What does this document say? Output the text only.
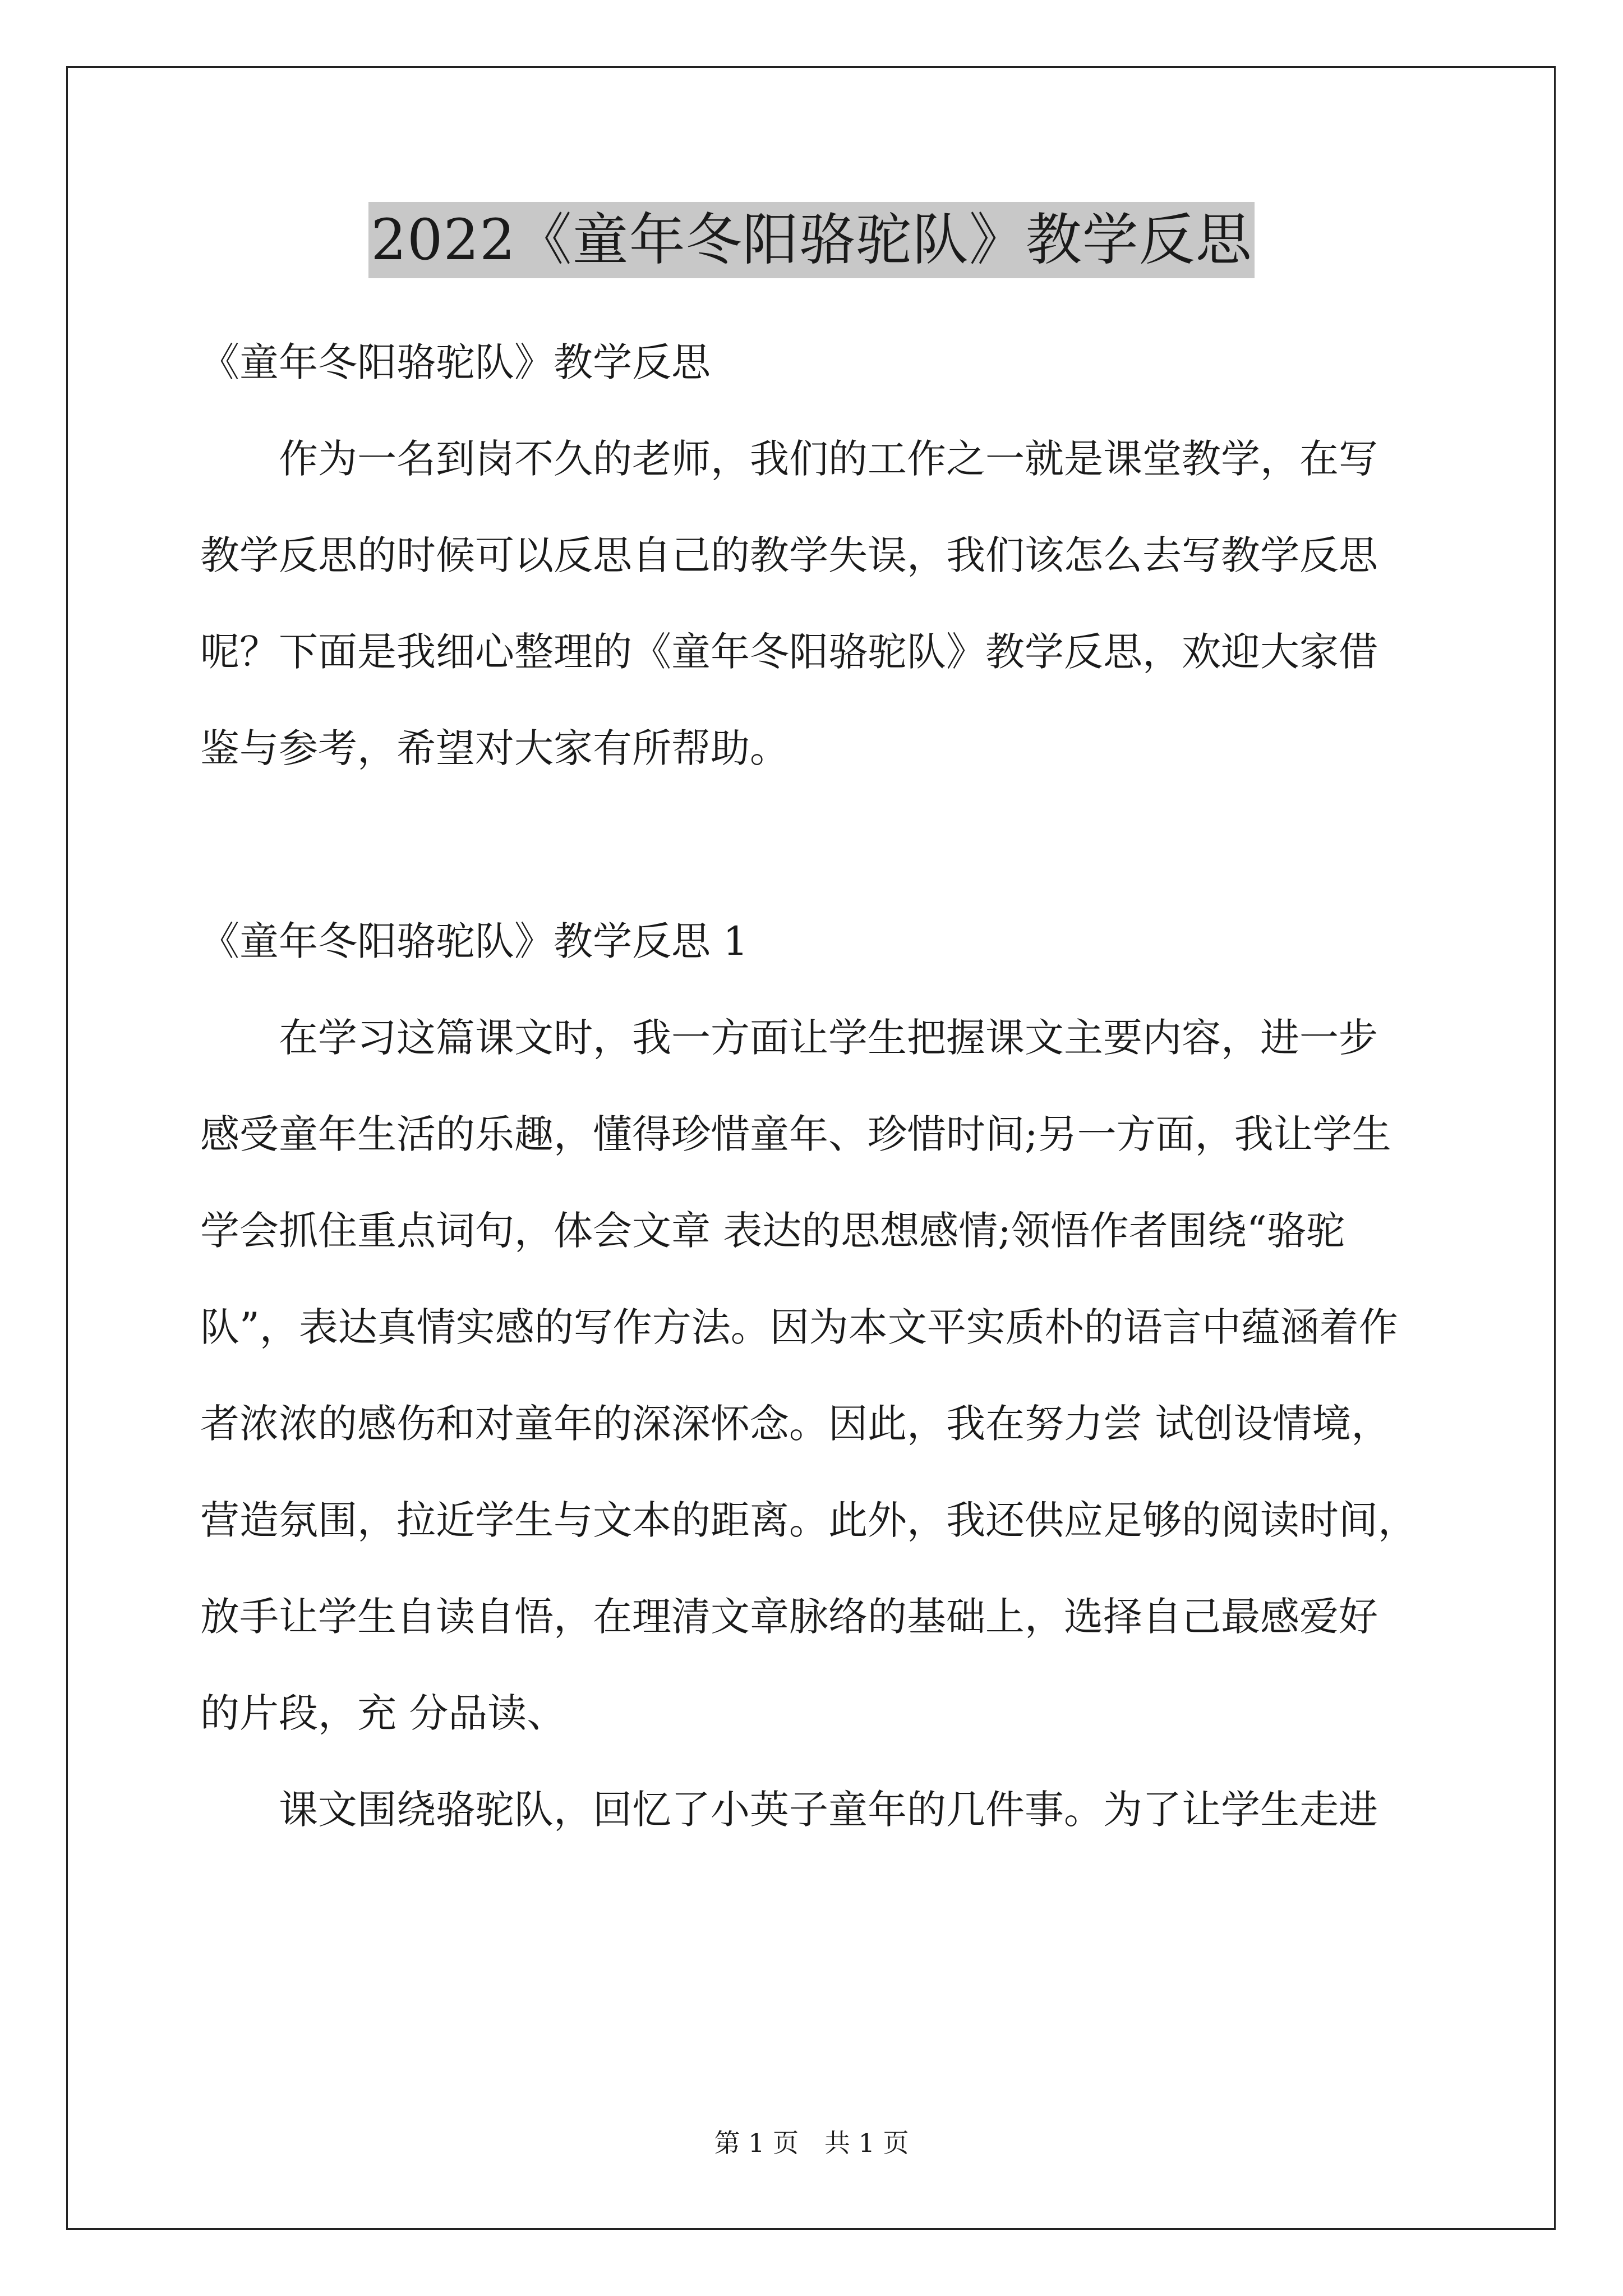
2022《童年冬阳骆驼队》教学反思
《童年冬阳骆驼队》教学反思
　　作为一名到岗不久的老师，我们的工作之一就是课堂教学，在写
教学反思的时候可以反思自己的教学失误，我们该怎么去写教学反思
呢？下面是我细心整理的《童年冬阳骆驼队》教学反思，欢迎大家借
鉴与参考，希望对大家有所帮助。
《童年冬阳骆驼队》教学反思 1
　　在学习这篇课文时，我一方面让学生把握课文主要内容，进一步
感受童年生活的乐趣，懂得珍惜童年、珍惜时间;另一方面，我让学生
学会抓住重点词句，体会文章 表达的思想感情;领悟作者围绕“骆驼
队”，表达真情实感的写作方法。因为本文平实质朴的语言中蕴涵着作
者浓浓的感伤和对童年的深深怀念。因此，我在努力尝 试创设情境，
营造氛围，拉近学生与文本的距离。此外，我还供应足够的阅读时间，
放手让学生自读自悟，在理清文章脉络的基础上，选择自己最感爱好
的片段，充 分品读、
　　课文围绕骆驼队，回忆了小英子童年的几件事。为了让学生走进
第 1 页　共 1 页
